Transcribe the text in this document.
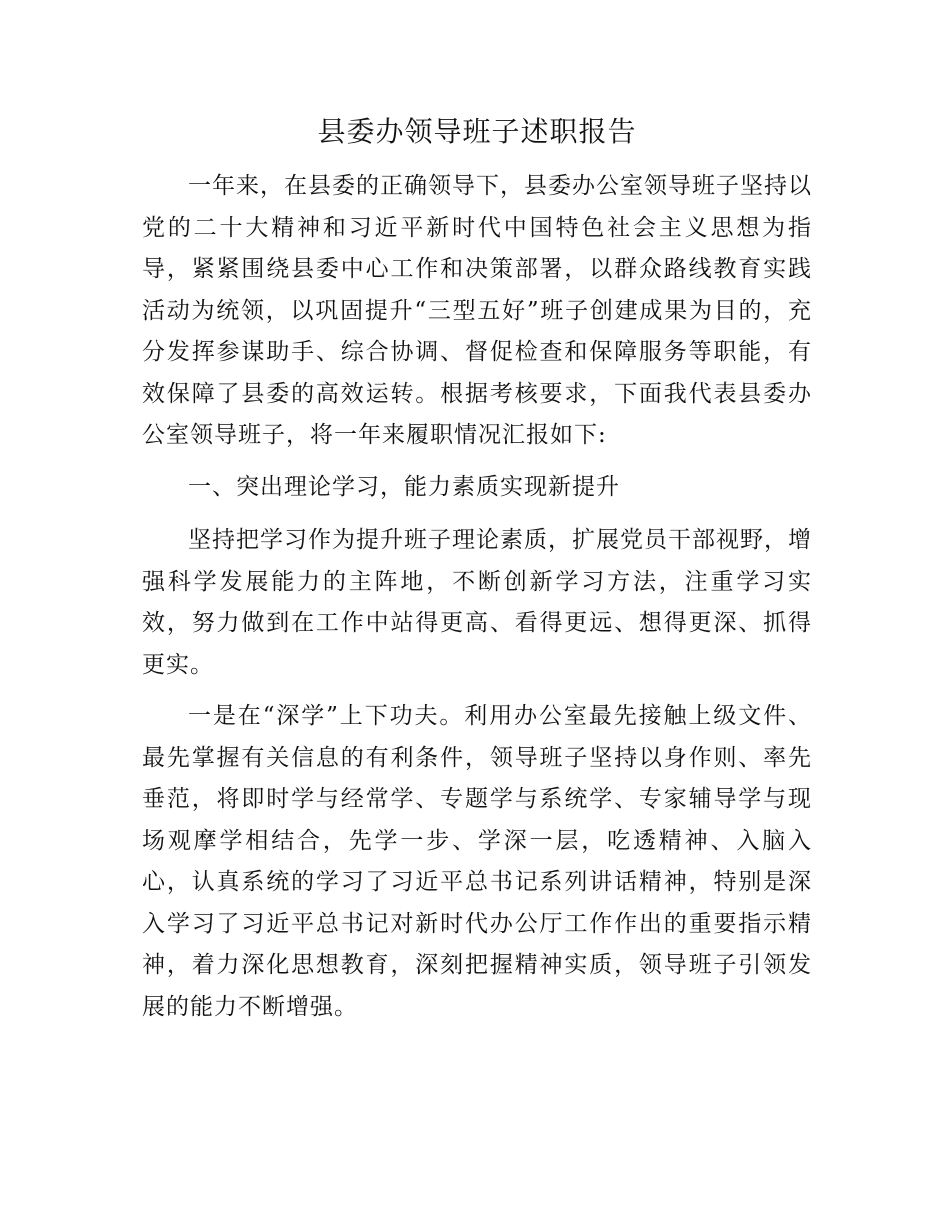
县委办领导班子述职报告

一年来，在县委的正确领导下，县委办公室领导班子坚持以党的二十大精神和习近平新时代中国特色社会主义思想为指导，紧紧围绕县委中心工作和决策部署，以群众路线教育实践活动为统领，以巩固提升“三型五好”班子创建成果为目的，充分发挥参谋助手、综合协调、督促检查和保障服务等职能，有效保障了县委的高效运转。根据考核要求，下面我代表县委办公室领导班子，将一年来履职情况汇报如下:

一、突出理论学习，能力素质实现新提升

坚持把学习作为提升班子理论素质，扩展党员干部视野，增强科学发展能力的主阵地，不断创新学习方法，注重学习实效，努力做到在工作中站得更高、看得更远、想得更深、抓得更实。

一是在“深学”上下功夫。利用办公室最先接触上级文件、最先掌握有关信息的有利条件，领导班子坚持以身作则、率先垂范，将即时学与经常学、专题学与系统学、专家辅导学与现场观摩学相结合，先学一步、学深一层，吃透精神、入脑入心，认真系统的学习了习近平总书记系列讲话精神，特别是深入学习了习近平总书记对新时代办公厅工作作出的重要指示精神，着力深化思想教育，深刻把握精神实质，领导班子引领发展的能力不断增强。
